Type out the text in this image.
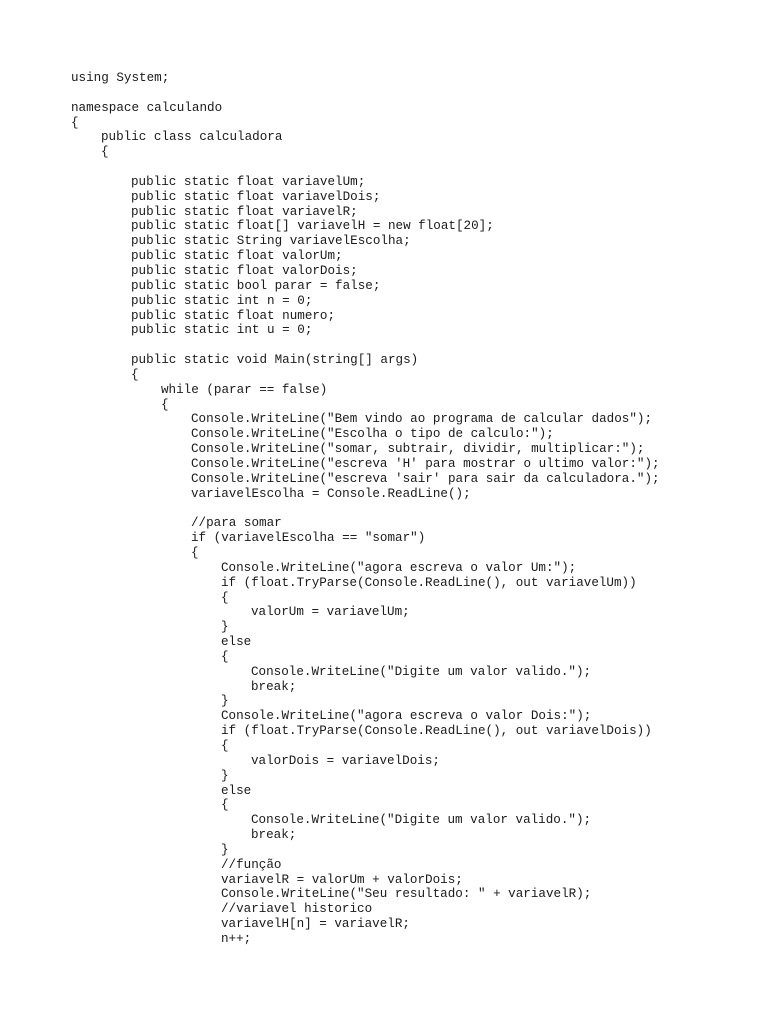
using System;
namespace calculando
{
public class calculadora
{
public static float variavelUm;
public static float variavelDois;
public static float variavelR;
public static float[] variavelH = new float[20];
public static String variavelEscolha;
public static float valorUm;
public static float valorDois;
public static bool parar = false;
public static int n = 0;
public static float numero;
public static int u = 0;
public static void Main(string[] args)
{
while (parar == false)
{
Console.WriteLine("Bem vindo ao programa de calcular dados");
Console.WriteLine("Escolha o tipo de calculo:");
Console.WriteLine("somar, subtrair, dividir, multiplicar:");
Console.WriteLine("escreva 'H' para mostrar o ultimo valor:");
Console.WriteLine("escreva 'sair' para sair da calculadora.");
variavelEscolha = Console.ReadLine();
//para somar
if (variavelEscolha == "somar")
{
Console.WriteLine("agora escreva o valor Um:");
if (float.TryParse(Console.ReadLine(), out variavelUm))
{
valorUm = variavelUm;
}
else
{
Console.WriteLine("Digite um valor valido.");
break;
}
Console.WriteLine("agora escreva o valor Dois:");
if (float.TryParse(Console.ReadLine(), out variavelDois))
{
valorDois = variavelDois;
}
else
{
Console.WriteLine("Digite um valor valido.");
break;
}
//função
variavelR = valorUm + valorDois;
Console.WriteLine("Seu resultado: " + variavelR);
//variavel historico
variavelH[n] = variavelR;
n++;
